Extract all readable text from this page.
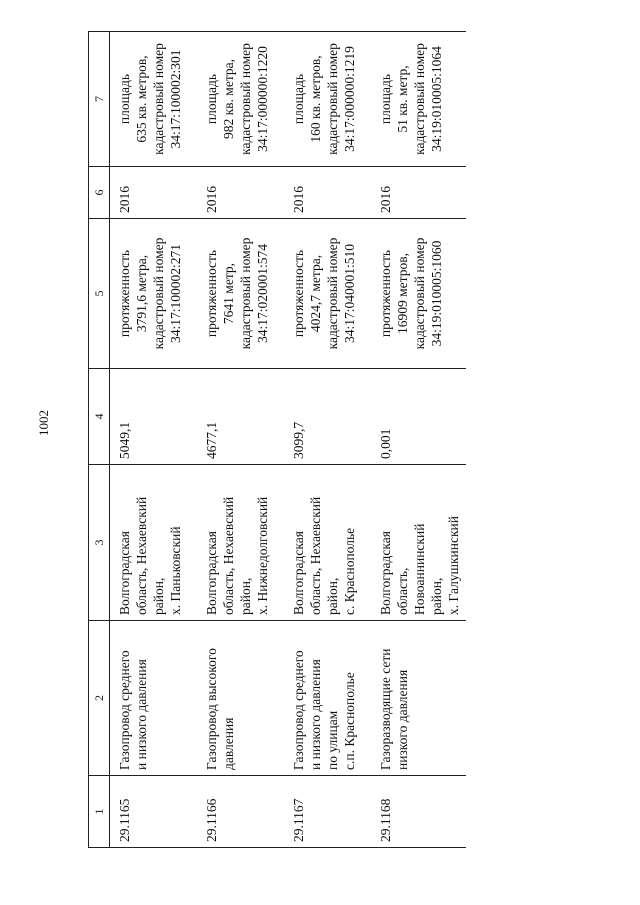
1002
1	2	3	4	5	6	7
29.1165	Газопровод среднего и низкого давления	Волгоградская область, Нехаевский район, х. Паньковский	5049,1	протяженность 3791,6 метра, кадастровый номер 34:17:100002:271	2016	площадь 635 кв. метров, кадастровый номер 34:17:100002:301

29.1166	Газопровод высокого давления	Волгоградская область, Нехаевский район, х. Нижнедолговский	4677,1	протяженность 7641 метр, кадастровый номер 34:17:020001:574	2016	площадь 982 кв. метра, кадастровый номер 34:17:000000:1220

29.1167	Газопровод среднего и низкого давления по улицам с.п. Краснополье	Волгоградская область, Нехаевский район, с. Краснополье	3099,7	протяженность 4024,7 метра, кадастровый номер 34:17:040001:510	2016	площадь 160 кв. метров, кадастровый номер 34:17:000000:1219

29.1168	Газоразводящие сети низкого давления	Волгоградская область, Новоаннинский район, х. Галушкинский	0,001	протяженность 16909 метров, кадастровый номер 34:19:010005:1060	2016	площадь 51 кв. метр, кадастровый номер 34:19:010005:1064
